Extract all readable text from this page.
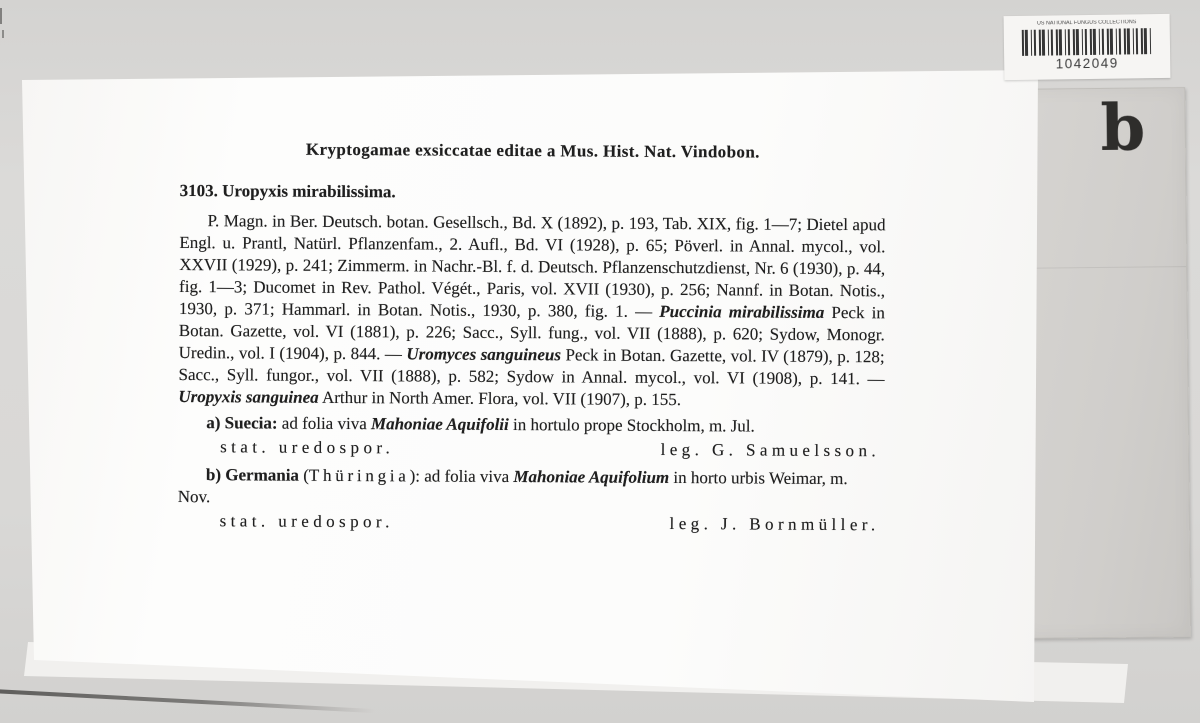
b
Kryptogamae exsiccatae editae a Mus. Hist. Nat. Vindobon.
3103. Uropyxis mirabilissima.

P. Magn. in Ber. Deutsch. botan. Gesellsch., Bd. X (1892), p. 193, Tab. XIX, fig. 1—7; Dietel apud Engl. u. Prantl, Natürl. Pflanzenfam., 2. Aufl., Bd. VI (1928), p. 65; Pöverl. in Annal. mycol., vol. XXVII (1929), p. 241; Zimmerm. in Nachr.-Bl. f. d. Deutsch. Pflanzenschutzdienst, Nr. 6 (1930), p. 44, fig. 1—3; Ducomet in Rev. Pathol. Végét., Paris, vol. XVII (1930), p. 256; Nannf. in Botan. Notis., 1930, p. 371; Hammarl. in Botan. Notis., 1930, p. 380, fig. 1. — Puccinia mirabilissima Peck in Botan. Gazette, vol. VI (1881), p. 226; Sacc., Syll. fung., vol. VII (1888), p. 620; Sydow, Monogr. Uredin., vol. I (1904), p. 844. — Uromyces sanguineus Peck in Botan. Gazette, vol. IV (1879), p. 128; Sacc., Syll. fungor., vol. VII (1888), p. 582; Sydow in Annal. mycol., vol. VI (1908), p. 141. — Uropyxis sanguinea Arthur in North Amer. Flora, vol. VII (1907), p. 155.

a) Suecia: ad folia viva Mahoniae Aquifolii in hortulo prope Stockholm, m. Jul.

stat. uredospor.	leg. G. Samuelsson.

b) Germania (Thüringia): ad folia viva Mahoniae Aquifolium in horto urbis Weimar, m. Nov.

stat. uredospor.	leg. J. Bornmüller.
US NATIONAL FUNGUS COLLECTIONS
1042049
